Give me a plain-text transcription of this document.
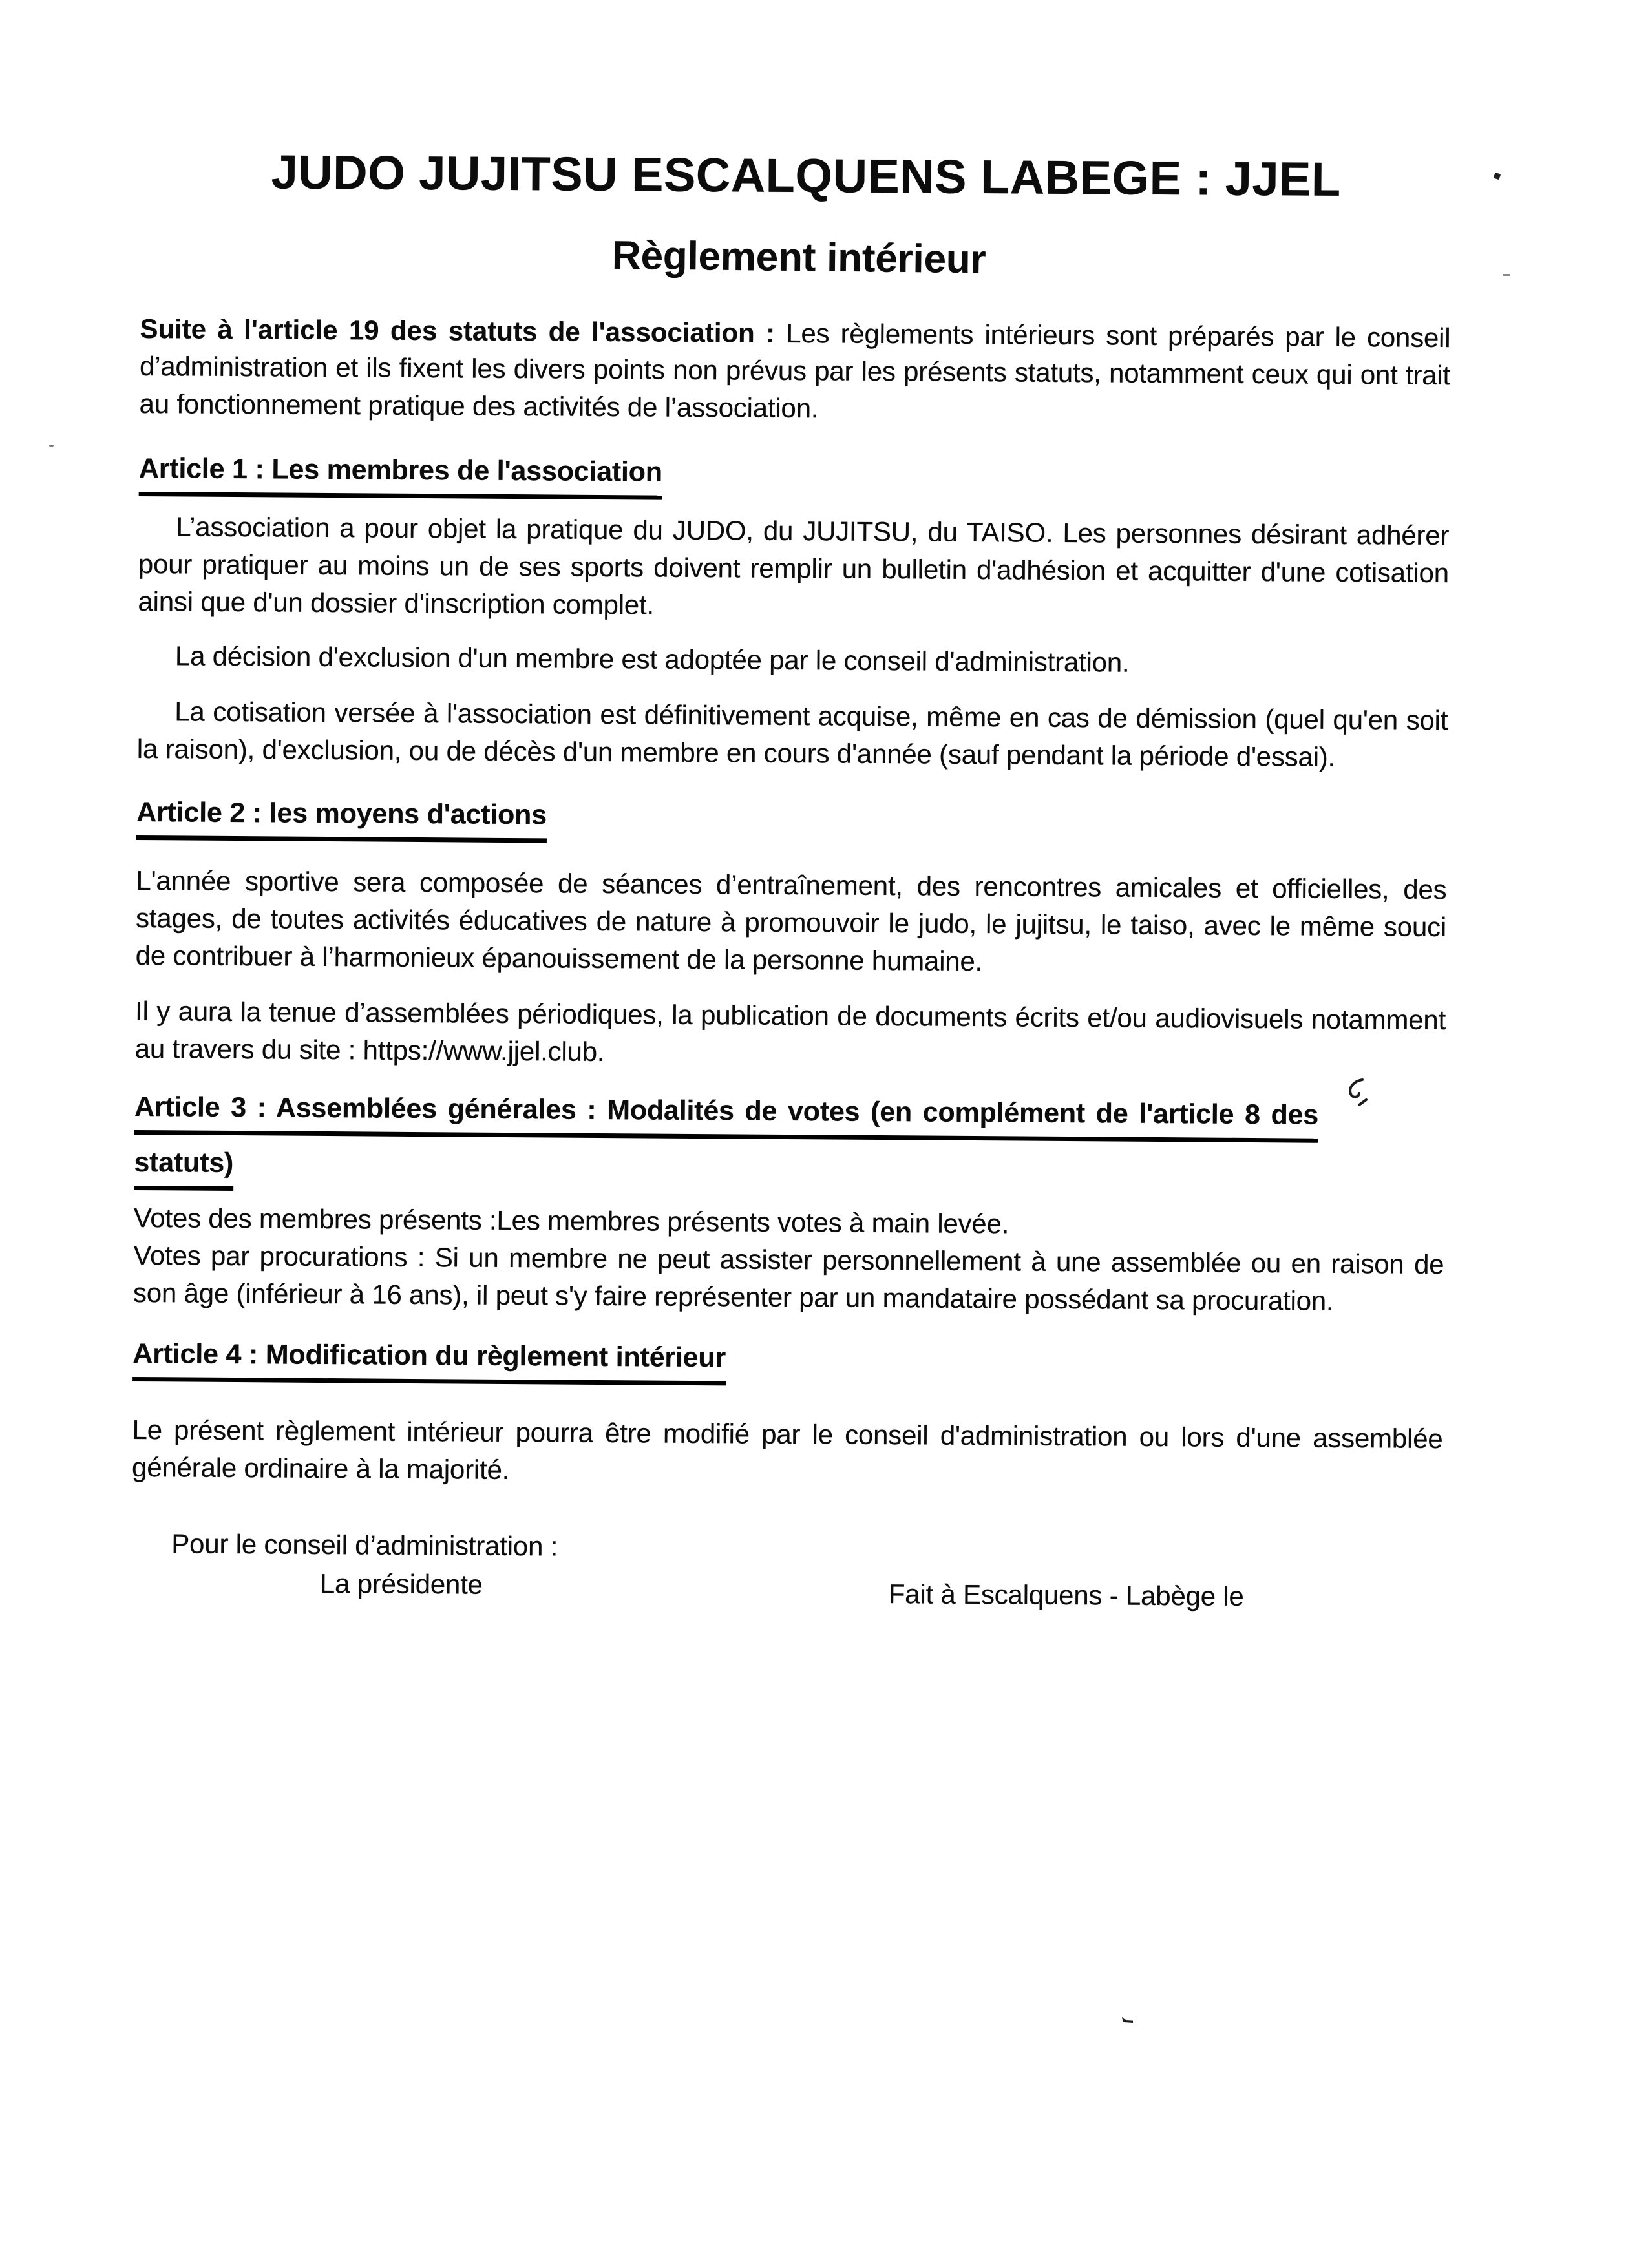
JUDO JUJITSU ESCALQUENS LABEGE : JJEL
Règlement intérieur

Suite à l'article 19 des statuts de l'association : Les règlements intérieurs sont préparés par le conseil d’administration et ils fixent les divers points non prévus par les présents statuts, notamment ceux qui ont trait au fonctionnement pratique des activités de l’association.

Article 1 : Les membres de l'association

L’association a pour objet la pratique du JUDO, du JUJITSU, du TAISO. Les personnes désirant adhérer pour pratiquer au moins un de ses sports doivent remplir un bulletin d'adhésion et acquitter d'une cotisation ainsi que d'un dossier d'inscription complet.

La décision d'exclusion d'un membre est adoptée par le conseil d'administration.

La cotisation versée à l'association est définitivement acquise, même en cas de démission (quel qu'en soit la raison), d'exclusion, ou de décès d'un membre en cours d'année (sauf pendant la période d'essai).

Article 2 : les moyens d'actions

L'année sportive sera composée de séances d’entraînement, des rencontres amicales et officielles, des stages, de toutes activités éducatives de nature à promouvoir le judo, le jujitsu, le taiso, avec le même souci de contribuer à l’harmonieux épanouissement de la personne humaine.

Il y aura la tenue d’assemblées périodiques, la publication de documents écrits et/ou audiovisuels notamment au travers du site : https://www.jjel.club.

Article 3 : Assemblées générales : Modalités de votes (en complément de l'article 8 des
statuts)

Votes des membres présents :Les membres présents votes à main levée.

Votes par procurations : Si un membre ne peut assister personnellement à une assemblée ou en raison de son âge (inférieur à 16 ans), il peut s'y faire représenter par un mandataire possédant sa procuration.

Article 4 : Modification du règlement intérieur

Le présent règlement intérieur pourra être modifié par le conseil d'administration ou lors d'une assemblée générale ordinaire à la majorité.

Pour le conseil d’administration :
La présidente	Fait à Escalquens - Labège le
